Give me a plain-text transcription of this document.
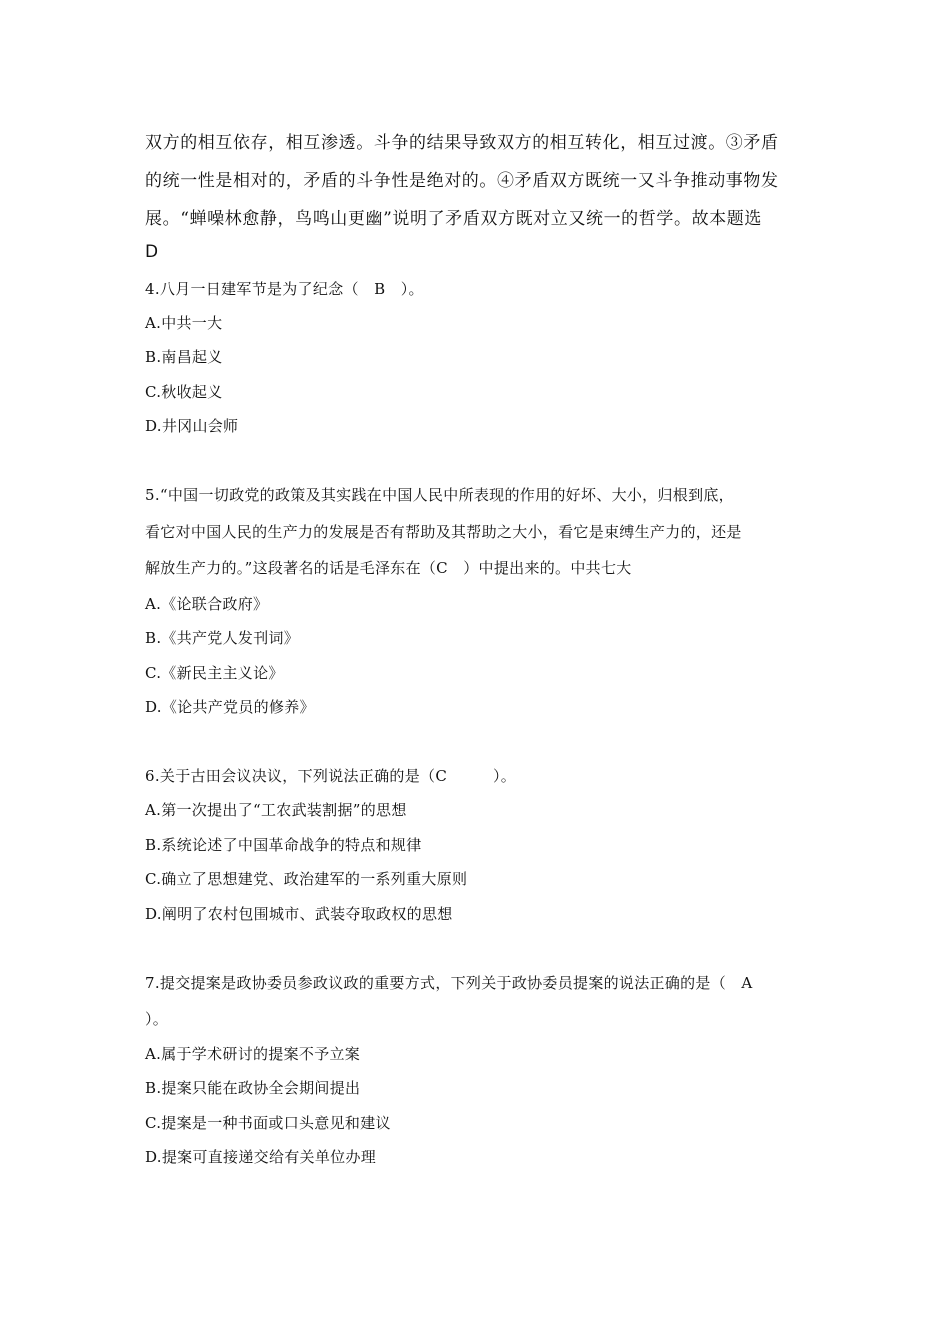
双方的相互依存，相互渗透。斗争的结果导致双方的相互转化，相互过渡。③矛盾
的统一性是相对的，矛盾的斗争性是绝对的。④矛盾双方既统一又斗争推动事物发
展。“蝉噪林愈静，鸟鸣山更幽”说明了矛盾双方既对立又统一的哲学。故本题选
D
4.八月一日建军节是为了纪念（　B　）。
A.中共一大
B.南昌起义
C.秋收起义
D.井冈山会师
5.“中国一切政党的政策及其实践在中国人民中所表现的作用的好坏、大小，归根到底，
看它对中国人民的生产力的发展是否有帮助及其帮助之大小，看它是束缚生产力的，还是
解放生产力的。”这段著名的话是毛泽东在（C　）中提出来的。中共七大
A.《论联合政府》
B.《共产党人发刊词》
C.《新民主主义论》
D.《论共产党员的修养》
6.关于古田会议决议，下列说法正确的是（C　　　）。
A.第一次提出了“工农武装割据”的思想
B.系统论述了中国革命战争的特点和规律
C.确立了思想建党、政治建军的一系列重大原则
D.阐明了农村包围城市、武装夺取政权的思想
7.提交提案是政协委员参政议政的重要方式，下列关于政协委员提案的说法正确的是（　A
）。
A.属于学术研讨的提案不予立案
B.提案只能在政协全会期间提出
C.提案是一种书面或口头意见和建议
D.提案可直接递交给有关单位办理
